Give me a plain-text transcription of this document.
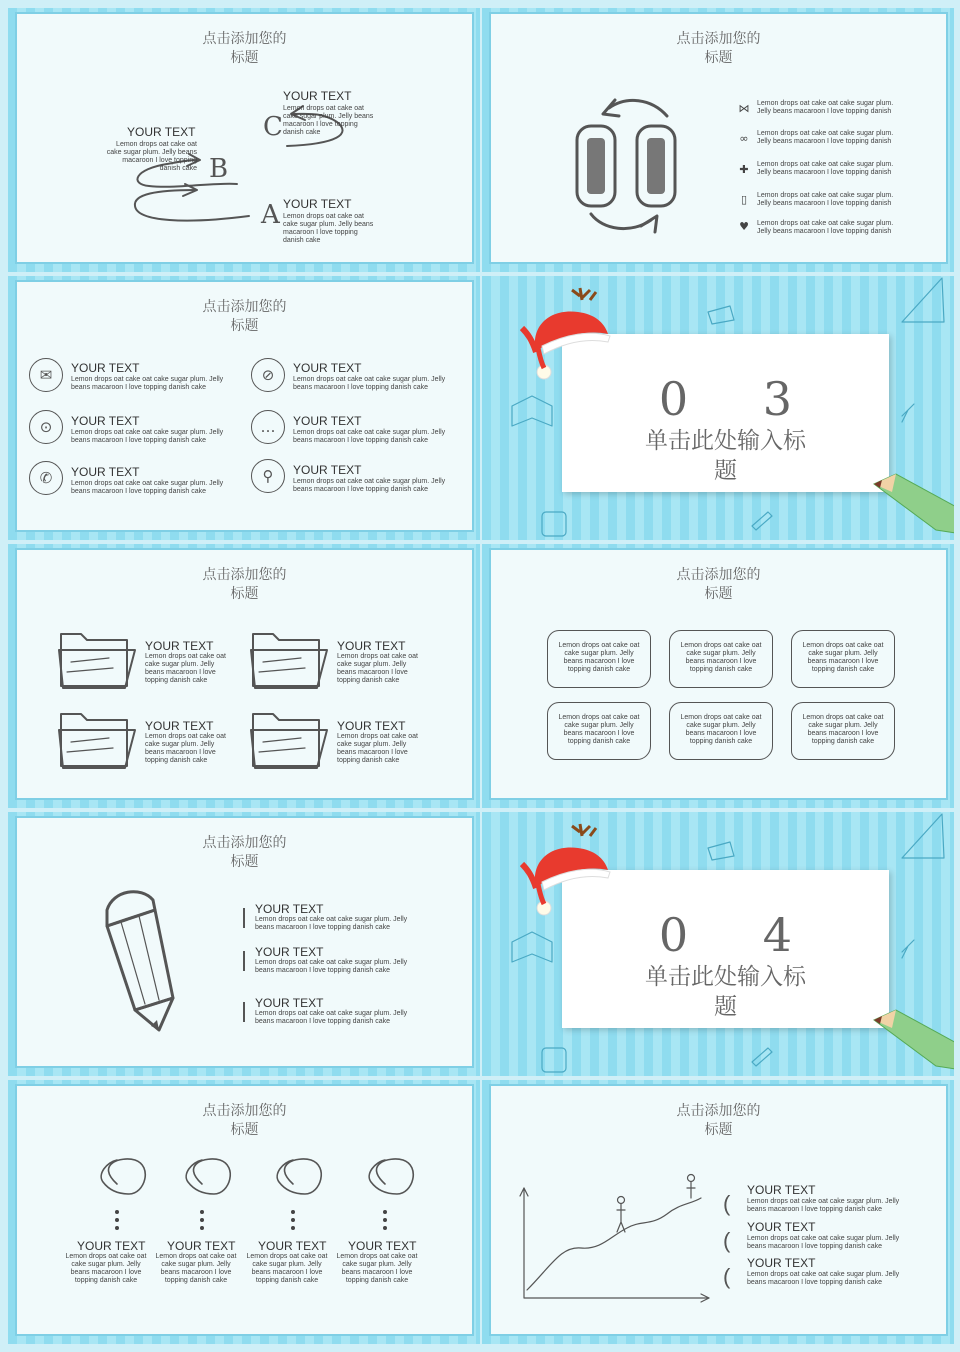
点击添加您的
标题
C
B
A
YOUR TEXT
Lemon drops oat cake oat cake sugar plum. Jelly beans macaroon I love topping danish cake
YOUR TEXT
Lemon drops oat cake oat cake sugar plum. Jelly beans macaroon I love topping danish cake
YOUR TEXT
Lemon drops oat cake oat cake sugar plum. Jelly beans macaroon I love topping danish cake
点击添加您的
标题
⋈ Lemon drops oat cake oat cake sugar plum. Jelly beans macaroon I love topping danish
∞	Lemon drops oat cake oat cake sugar plum. Jelly beans macaroon I love topping danish
✚	Lemon drops oat cake oat cake sugar plum. Jelly beans macaroon I love topping danish
▯	Lemon drops oat cake oat cake sugar plum. Jelly beans macaroon I love topping danish
♥ Lemon drops oat cake oat cake sugar plum. Jelly beans macaroon I love topping danish
点击添加您的
标题
✉	YOUR TEXT
Lemon drops oat cake oat cake sugar plum. Jelly beans macaroon I love topping danish cake
⊘	YOUR TEXT
Lemon drops oat cake oat cake sugar plum. Jelly beans macaroon I love topping danish cake
⊙	YOUR TEXT
Lemon drops oat cake oat cake sugar plum. Jelly beans macaroon I love topping danish cake
…	YOUR TEXT
Lemon drops oat cake oat cake sugar plum. Jelly beans macaroon I love topping danish cake
✆	YOUR TEXT
Lemon drops oat cake oat cake sugar plum. Jelly beans macaroon I love topping danish cake
⚲	YOUR TEXT
Lemon drops oat cake oat cake sugar plum. Jelly beans macaroon I love topping danish cake
0 3
单击此处输入标
题
点击添加您的
标题
YOUR TEXT
Lemon drops oat cake oat cake sugar plum. Jelly beans macaroon I love topping danish cake
YOUR TEXT
Lemon drops oat cake oat cake sugar plum. Jelly beans macaroon I love topping danish cake
YOUR TEXT
Lemon drops oat cake oat cake sugar plum. Jelly beans macaroon I love topping danish cake
YOUR TEXT
Lemon drops oat cake oat cake sugar plum. Jelly beans macaroon I love topping danish cake
点击添加您的
标题
Lemon drops oat cake oat cake sugar plum. Jelly beans macaroon I love topping danish cake
Lemon drops oat cake oat cake sugar plum. Jelly beans macaroon I love topping danish cake
Lemon drops oat cake oat cake sugar plum. Jelly beans macaroon I love topping danish cake
Lemon drops oat cake oat cake sugar plum. Jelly beans macaroon I love topping danish cake
Lemon drops oat cake oat cake sugar plum. Jelly beans macaroon I love topping danish cake
Lemon drops oat cake oat cake sugar plum. Jelly beans macaroon I love topping danish cake
点击添加您的
标题
YOUR TEXT
Lemon drops oat cake oat cake sugar plum. Jelly beans macaroon I love topping danish cake
YOUR TEXT
Lemon drops oat cake oat cake sugar plum. Jelly beans macaroon I love topping danish cake
YOUR TEXT
Lemon drops oat cake oat cake sugar plum. Jelly beans macaroon I love topping danish cake
0 4
单击此处输入标
题
点击添加您的
标题
YOUR TEXT
Lemon drops oat cake oat cake sugar plum. Jelly beans macaroon I love topping danish cake
YOUR TEXT
Lemon drops oat cake oat cake sugar plum. Jelly beans macaroon I love topping danish cake
YOUR TEXT
Lemon drops oat cake oat cake sugar plum. Jelly beans macaroon I love topping danish cake
YOUR TEXT
Lemon drops oat cake oat cake sugar plum. Jelly beans macaroon I love topping danish cake
点击添加您的
标题
(
YOUR TEXT
Lemon drops oat cake oat cake sugar plum. Jelly beans macaroon I love topping danish cake
(
YOUR TEXT
Lemon drops oat cake oat cake sugar plum. Jelly beans macaroon I love topping danish cake
(
YOUR TEXT
Lemon drops oat cake oat cake sugar plum. Jelly beans macaroon I love topping danish cake
